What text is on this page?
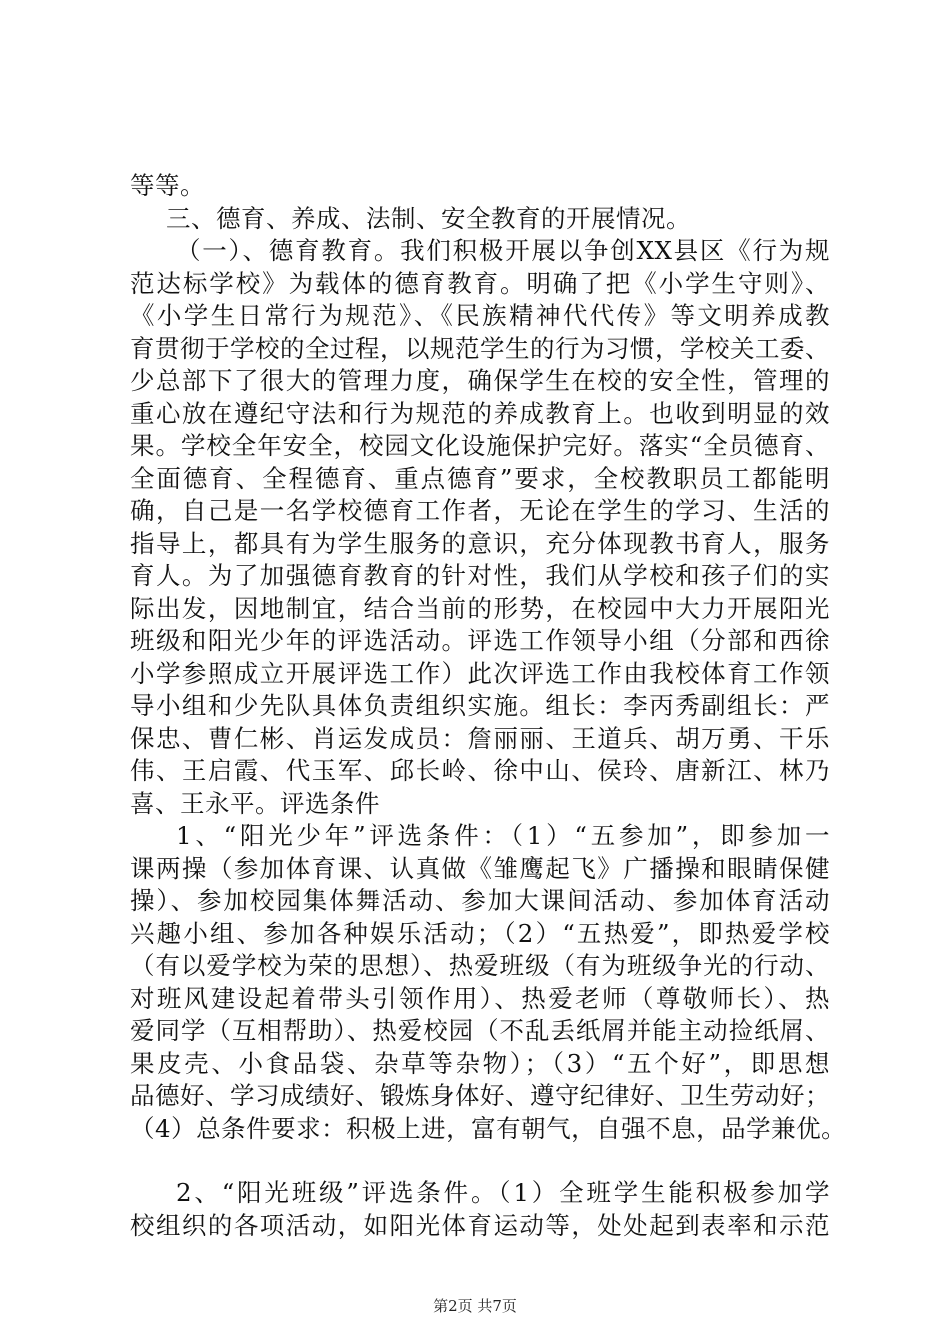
等等。
三、德育、养成、法制、安全教育的开展情况。
（一）、德育教育。我们积极开展以争创XX县区《行为规
范达标学校》为载体的德育教育。明确了把《小学生守则》、
《小学生日常行为规范》、《民族精神代代传》等文明养成教
育贯彻于学校的全过程，以规范学生的行为习惯，学校关工委、
少总部下了很大的管理力度，确保学生在校的安全性，管理的
重心放在遵纪守法和行为规范的养成教育上。也收到明显的效
果。学校全年安全，校园文化设施保护完好。落实“全员德育、
全面德育、全程德育、重点德育”要求，全校教职员工都能明
确，自己是一名学校德育工作者，无论在学生的学习、生活的
指导上，都具有为学生服务的意识，充分体现教书育人，服务
育人。为了加强德育教育的针对性，我们从学校和孩子们的实
际出发，因地制宜，结合当前的形势，在校园中大力开展阳光
班级和阳光少年的评选活动。评选工作领导小组（分部和西徐
小学参照成立开展评选工作）此次评选工作由我校体育工作领
导小组和少先队具体负责组织实施。组长：李丙秀副组长：严
保忠、曹仁彬、肖运发成员：詹丽丽、王道兵、胡万勇、干乐
伟、王启霞、代玉军、邱长岭、徐中山、侯玲、唐新江、林乃
喜、王永平。评选条件
1、“阳光少年”评选条件：（1）“五参加”，即参加一
课两操（参加体育课、认真做《雏鹰起飞》广播操和眼睛保健
操）、参加校园集体舞活动、参加大课间活动、参加体育活动
兴趣小组、参加各种娱乐活动；（2）“五热爱”，即热爱学校
（有以爱学校为荣的思想）、热爱班级（有为班级争光的行动、
对班风建设起着带头引领作用）、热爱老师（尊敬师长）、热
爱同学（互相帮助）、热爱校园（不乱丢纸屑并能主动捡纸屑、
果皮壳、小食品袋、杂草等杂物）；（3）“五个好”，即思想
品德好、学习成绩好、锻炼身体好、遵守纪律好、卫生劳动好；
（4）总条件要求：积极上进，富有朝气，自强不息，品学兼优。
2、“阳光班级”评选条件。（1）全班学生能积极参加学
校组织的各项活动，如阳光体育运动等，处处起到表率和示范
第2页 共7页
